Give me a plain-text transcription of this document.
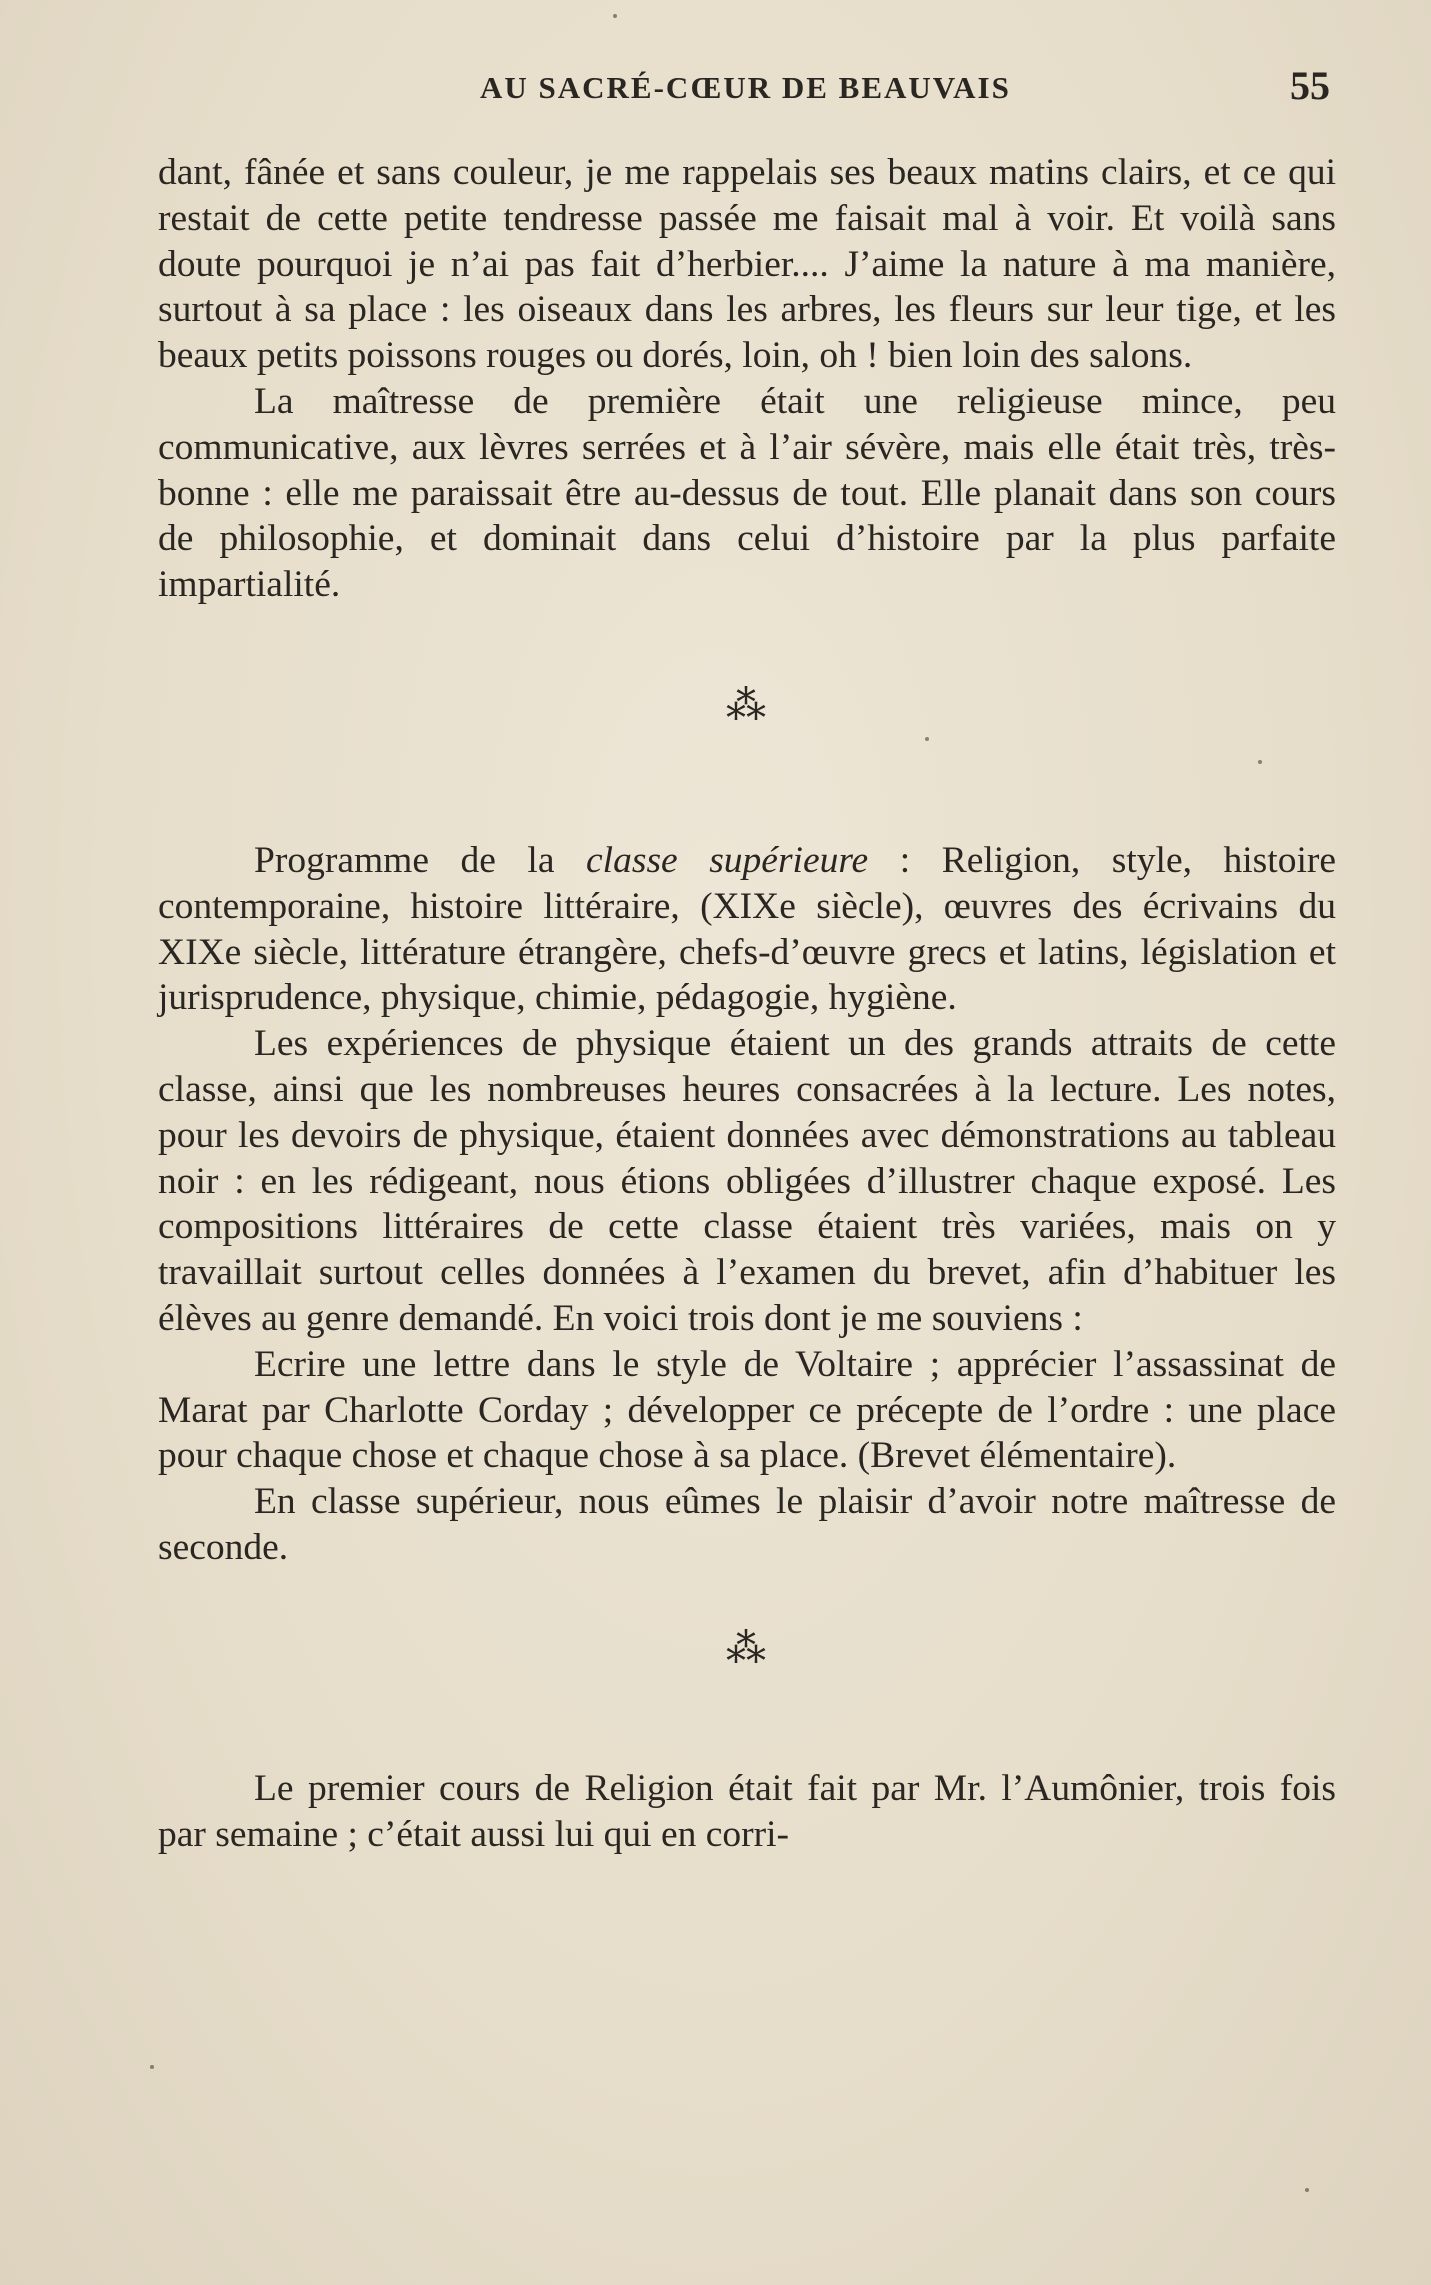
AU SACRÉ-CŒUR DE BEAUVAIS	55

dant, fânée et sans couleur, je me rappelais ses beaux matins clairs, et ce qui restait de cette petite tendresse passée me faisait mal à voir. Et voilà sans doute pourquoi je n’ai pas fait d’herbier.... J’aime la nature à ma manière, surtout à sa place : les oiseaux dans les arbres, les fleurs sur leur tige, et les beaux petits poissons rouges ou dorés, loin, oh ! bien loin des salons.

La maîtresse de première était une religieuse mince, peu communicative, aux lèvres serrées et à l’air sévère, mais elle était très, très-bonne : elle me paraissait être au-dessus de tout. Elle planait dans son cours de philosophie, et dominait dans celui d’histoire par la plus parfaite impartialité.

⁂

Programme de la classe supérieure : Religion, style, histoire contemporaine, histoire littéraire, (XIXe siècle), œuvres des écrivains du XIXe siècle, littérature étrangère, chefs-d’œuvre grecs et latins, législation et jurisprudence, physique, chimie, pédagogie, hygiène.

Les expériences de physique étaient un des grands attraits de cette classe, ainsi que les nombreuses heures consacrées à la lecture. Les notes, pour les devoirs de physique, étaient données avec démonstrations au tableau noir : en les rédigeant, nous étions obligées d’illustrer chaque exposé. Les compositions littéraires de cette classe étaient très variées, mais on y travaillait surtout celles données à l’examen du brevet, afin d’habituer les élèves au genre demandé. En voici trois dont je me souviens :

Ecrire une lettre dans le style de Voltaire ; apprécier l’assassinat de Marat par Charlotte Corday ; développer ce précepte de l’ordre : une place pour chaque chose et chaque chose à sa place. (Brevet élémentaire).

En classe supérieur, nous eûmes le plaisir d’avoir notre maîtresse de seconde.

⁂

Le premier cours de Religion était fait par Mr. l’Aumônier, trois fois par semaine ; c’était aussi lui qui en corri-
